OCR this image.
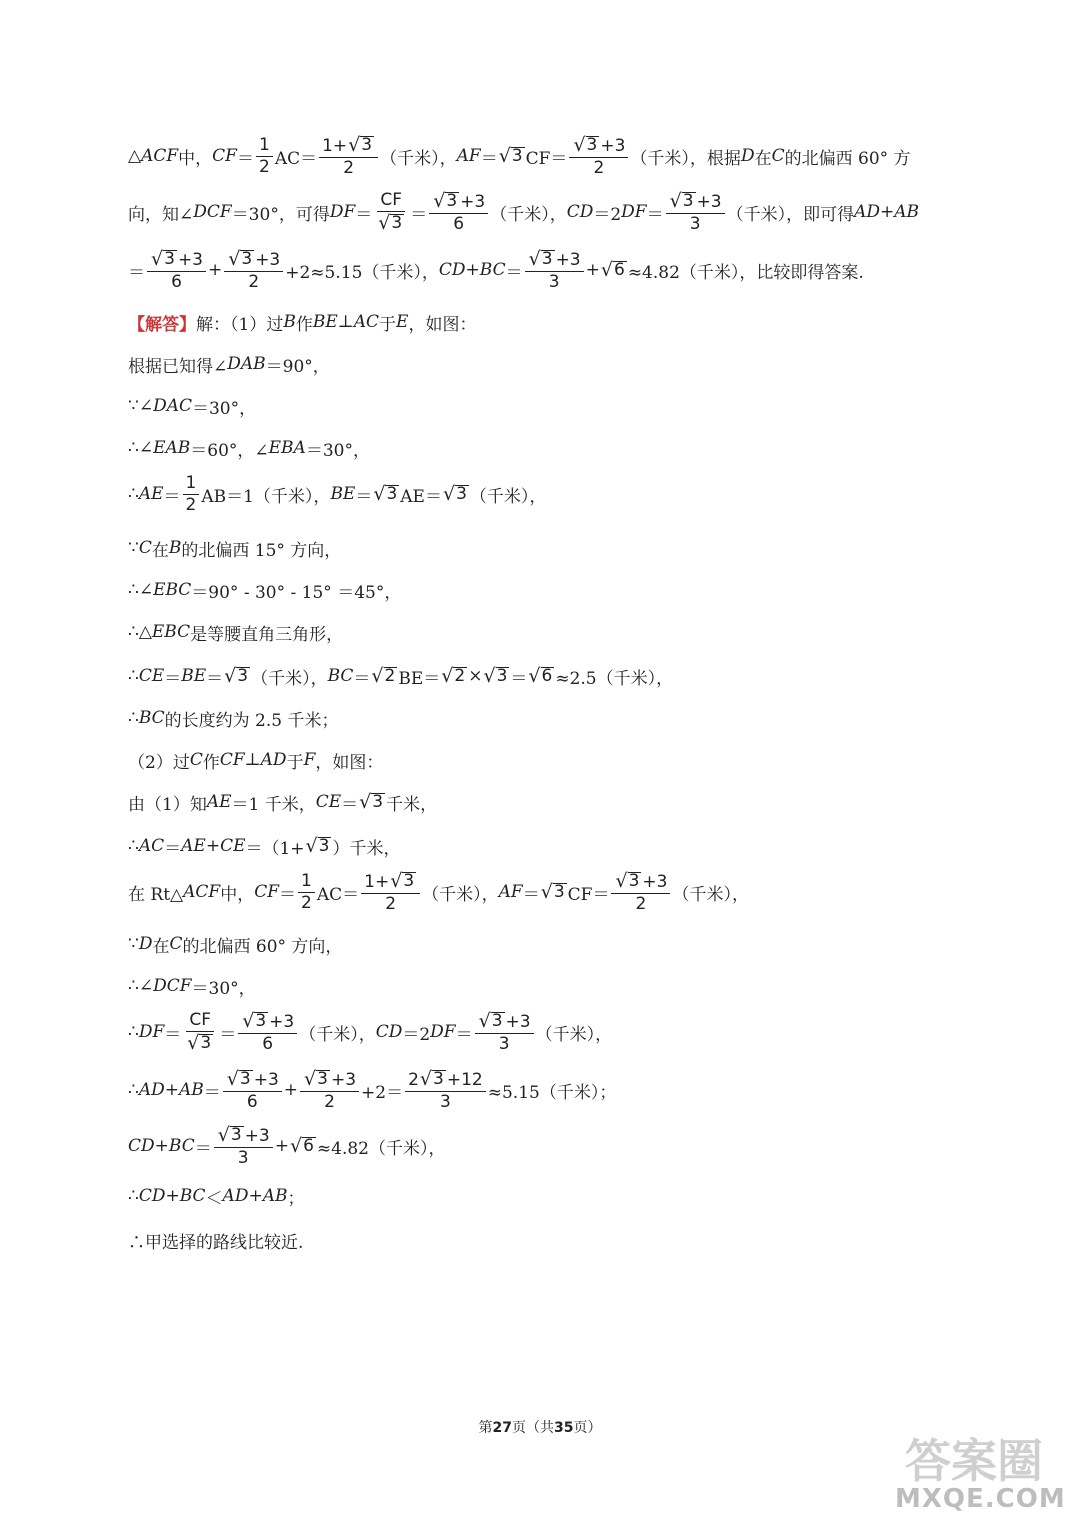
△ ACF 中， CF ＝ $\frac{1}{2} AC= \frac{1+ √ 3}{2}$ （千米）， AF ＝ √ 3 $CF= \frac{√ 3 +3}{2}$ （千米），根据 D 在 C 的北偏西 60° 方
向，知∠ DCF ＝30°，可得 DF ＝ $\frac{CF}{√ 3} = \frac{√ 3 +3}{6}$ （千米）， CD ＝2 DF ＝ $\frac{√ 3 +3}{3}$ （千米），即可得 AD + AB
＝ $\frac{√ 3 +3}{6} + \frac{√ 3 +3}{2} +2\approx 5.15$（千米）， CD + BC ＝ $\frac{√ 3 +3}{3}$ + √ 6 ≈4.82（千米），比较即得答案.
【解答】 解：（1）过 B 作 BE ⊥ AC 于 E ，如图：
根据已知得∠ DAB ＝90°，
∵∠ DAC ＝30°，
∴∠ EAB ＝60°，∠ EBA ＝30°，
∴ AE ＝ $\frac{1}{2} AB=1$（千米）， BE ＝ √ 3 AE＝ √ 3 （千米），
∵ C 在 B 的北偏西 15° 方向，
∴∠ EBC ＝90° - 30° - 15° ＝45°，
∴△ EBC 是等腰直角三角形，
∴ CE ＝ BE ＝ √ 3 （千米）， BC ＝ √ 2 BE＝ √ 2 × √ 3 ＝ √ 6 ≈2.5（千米），
∴ BC 的长度约为 2.5 千米；
（2）过 C 作 CF ⊥ AD 于 F ，如图：
由（1）知 AE ＝1 千米， CE ＝ √ 3 千米，
∴ AC ＝ AE + CE ＝（1+ √ 3 ）千米，
在 Rt△ ACF 中， CF ＝ $\frac{1}{2} AC= \frac{1+ √ 3}{2}$ （千米）， AF ＝ √ 3 $CF= \frac{√ 3 +3}{2}$ （千米），
∵ D 在 C 的北偏西 60° 方向，
∴∠ DCF ＝30°，
∴ DF ＝ $\frac{CF}{√ 3} = \frac{√ 3 +3}{6}$ （千米）， CD ＝2 DF ＝ $\frac{√ 3 +3}{3}$ （千米），
∴ AD + AB ＝ $\frac{√ 3 +3}{6} + \frac{√ 3 +3}{2} +2= \frac{2 √ 3 +12}{3} \approx 5.15$（千米）；
CD + BC ＝ $\frac{√ 3 +3}{3}$ + √ 6 ≈4.82（千米），
∴ CD + BC ＜ AD + AB ；
∴甲选择的路线比较近.
第27页（共35页）
答案圈
MXQE.COM
